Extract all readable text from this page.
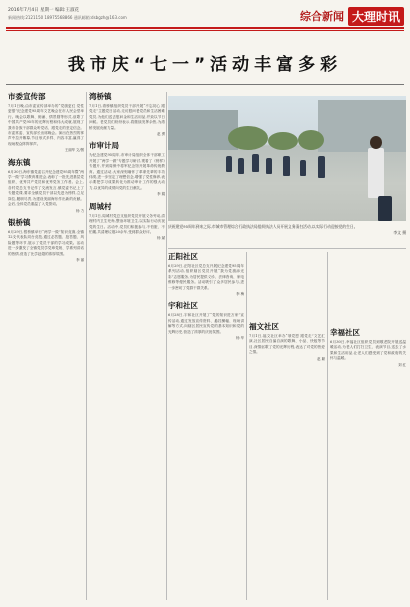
2016年7月4日 星期一 编辑:王淑花
新闻热线:2121150 18975568866 通讯邮箱:dsbgzh@163.com	综合新闻 大理时讯
我市庆“七一”活动丰富多彩
市委宣传部
7月1日晚,由市委宣传部举办的“党旗更红 党性更强”纪念建党95周年文艺晚会在市人民会堂举行。晚会以歌舞、朗诵、情景剧等形式,讴歌了中国共产党95年的光辉历程和伟大成就,展现了我市各族干部群众听党话、跟党走的坚定信念。市委常委、宣传部长出席晚会。演出在热烈的掌声中拉开帷幕,节目形式多样、内容丰富,赢得了现场观众阵阵掌声。
王丽华 文/图
海东镇
6月30日,海东镇党委召开纪念建党95周年暨“两学一做”学习教育推进会,表彰了一批先进基层党组织、优秀共产党员和优秀党务工作者。会上,各村党总支书记作了交流发言,镇党委书记上了专题党课,要求全镇党员干部以先进为榜样,立足岗位,履职尽责,为建设美丽海东作出新的贡献。会后,全体党员重温了入党誓词。
杨 力
银桥镇
6月29日,银桥镇举行“两学一做”知识竞赛,全镇12支代表队同台竞技,通过必答题、抢答题、风险题等环节,展示了党员干部的学习成果。活动进一步激发了全镇党员学党章党规、学系列讲话的热情,营造了比学赶超的浓厚氛围。
李 丽
湾桥镇
7月1日,湾桥镇组织党员干部开展“不忘初心 跟党走”主题党日活动,走访慰问老党员和生活困难党员,为他们送去慰问金和生活用品,并致以节日问候。老党员们纷纷表示,将继续发挥余热,为湾桥发展贡献力量。
赵 勇
市审计局
为纪念建党95周年,市审计局组织全体干部职工开展了“两学一做”专题学习研讨,观看了《榜样》专题片,并到周保中将军纪念馆开展革命传统教育。通过活动,大家深刻缅怀了革命先辈的丰功伟绩,进一步坚定了理想信念,增强了党性修养,表示要把学习成果转化为推动审计工作的强大动力,以优异的成绩向党的生日献礼。
李 娟
周城村
7月1日,周城村党总支组织党员开展义务劳动,清理村内卫生死角,整治环境卫生,以实际行动庆祝党的生日。活动中,党员们积极参与,不怕脏、不怕累,共清理垃圾20余车,受到群众好评。
杨 斌
庆祝建党95周年到来之际,市城市管理综合行政执法局组织执法人员开展义务清扫活动,以实际行动迎接党的生日。
李文 摄
正阳社区
6月29日,正阳社区党总支开展纪念建党95周年系列活动,组织辖区党员开展“我为党旗添光彩”志愿服务,为居民提供义诊、法律咨询、家电维修等便民服务。活动吸引了众多居民参与,进一步密切了党群干群关系。
李 梅
宇和社区
6月28日,宇和社区开展了“党的知识进万家”宣传活动,通过发放宣传资料、悬挂横幅、现场讲解等方式,向辖区居民宣传党的基本知识和党的光辉历史,营造了浓厚的庆祝氛围。
杨 华
福文社区
7月1日,福文社区举办“颂党恩 跟党走”文艺汇演,社区居民自编自演的歌舞、小品、快板等节目,深情讴歌了党的光辉历程,表达了对党的热爱之情。
赵 颖
幸福社区
6月30日,幸福社区组织党员到敬老院开展送温暖活动,为老人们打扫卫生、表演节目,送去了水果和生活用品,让老人们感受到了党和政府的关怀与温暖。
刘 红
